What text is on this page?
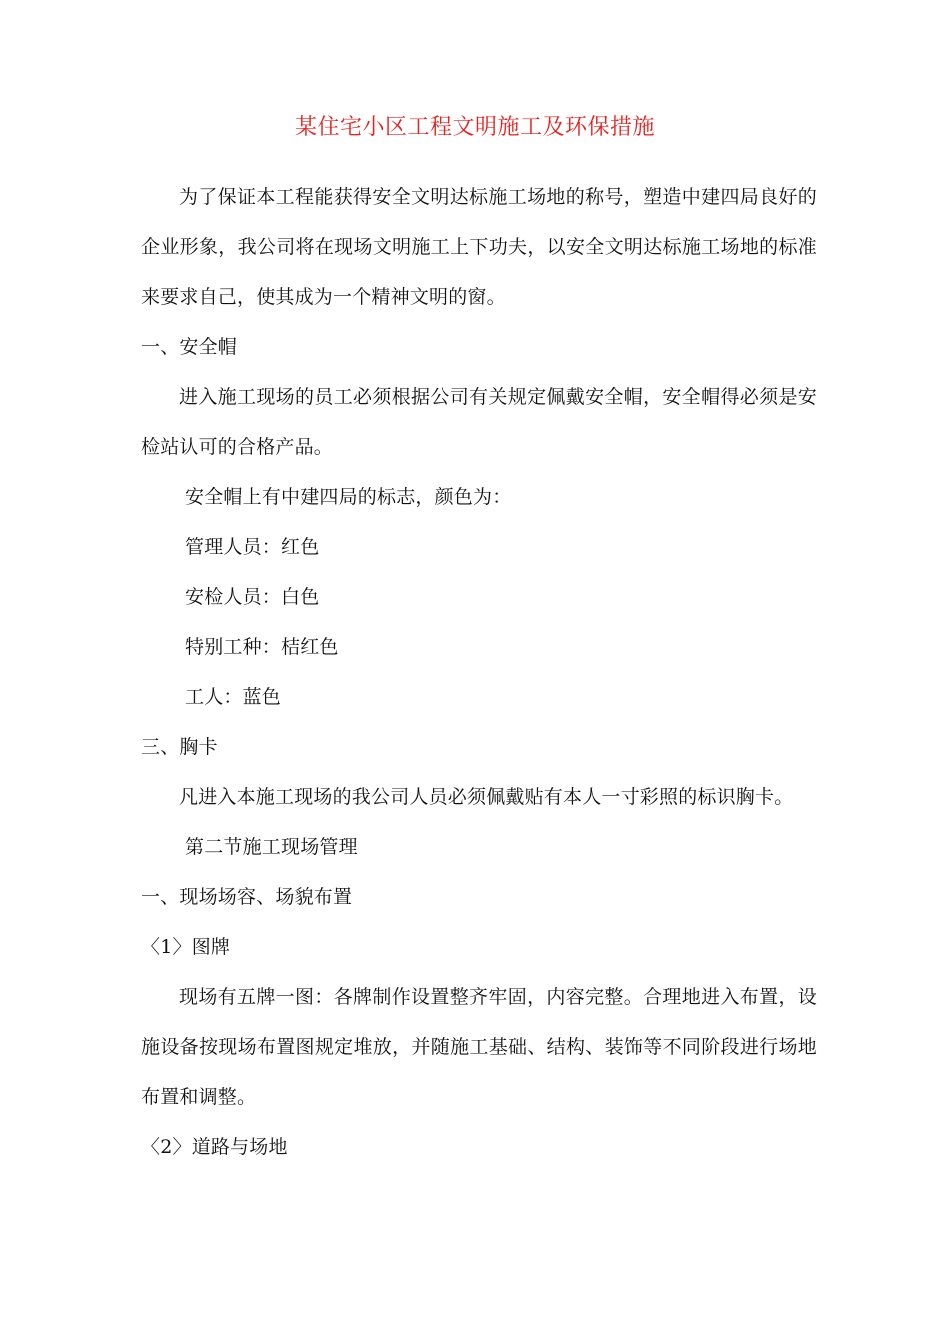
某住宅小区工程文明施工及环保措施

为了保证本工程能获得安全文明达标施工场地的称号，塑造中建四局良好的企业形象，我公司将在现场文明施工上下功夫，以安全文明达标施工场地的标准来要求自己，使其成为一个精神文明的窗。

一、安全帽

进入施工现场的员工必须根据公司有关规定佩戴安全帽，安全帽得必须是安检站认可的合格产品。

安全帽上有中建四局的标志，颜色为：

管理人员：红色

安检人员：白色

特别工种：桔红色

工人：蓝色

三、胸卡

凡进入本施工现场的我公司人员必须佩戴贴有本人一寸彩照的标识胸卡。

第二节施工现场管理

一、现场场容、场貌布置

〈1〉图牌

现场有五牌一图：各牌制作设置整齐牢固，内容完整。合理地进入布置，设施设备按现场布置图规定堆放，并随施工基础、结构、装饰等不同阶段进行场地布置和调整。

〈2〉道路与场地
